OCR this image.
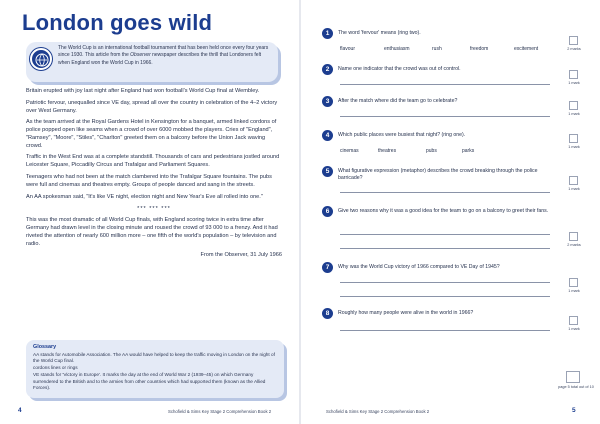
London goes wild
The World Cup is an international football tournament that has been held once every four years since 1930. This article from the Observer newspaper describes the thrill that Londoners felt when England won the World Cup in 1966.

Britain erupted with joy last night after England had won football's World Cup final at Wembley.

Patriotic fervour, unequalled since VE day, spread all over the country in celebration of the 4–2 victory over West Germany.

As the team arrived at the Royal Gardens Hotel in Kensington for a banquet, armed linked cordons of police popped open like seams when a crowd of over 6000 mobbed the players. Cries of "England", "Ramsey", "Moore", "Stiles", "Charlton" greeted them on a balcony before the Union Jack waving crowd.

Traffic in the West End was at a complete standstill. Thousands of cars and pedestrians jostled around Leicester Square, Piccadilly Circus and Trafalgar and Parliament Squares.

Teenagers who had not been at the match clambered into the Trafalgar Square fountains. The pubs were full and cinemas and theatres empty. Groups of people danced and sang in the streets.

An AA spokesman said, "It's like VE night, election night and New Year's Eve all rolled into one."

*** *** ***

This was the most dramatic of all World Cup finals, with England scoring twice in extra time after Germany had drawn level in the closing minute and roused the crowd of 93 000 to a frenzy. And it had riveted the attention of nearly 600 million more – one fifth of the world's population – by television and radio.

From the Observer, 31 July 1966

Glossary
AA stands for Automobile Association. The AA would have helped to keep the traffic moving in London on the night of the World Cup final.
cordons lines or rings
VE stands for 'Victory in Europe'. It marks the day at the end of World War 2 (1939–45) on which Germany surrendered to the British and to the armies from other countries which had supported them (known as the Allied Forces).
4	Schofield & Sims Key Stage 2 Comprehension Book 2
1	The word 'fervour' means (ring two).
flavour	enthusiasm	rush	freedom	excitement
2	Name one indicator that the crowd was out of control.
3	After the match where did the team go to celebrate?
4	Which public places were busiest that night? (ring one).
cinemas	theatres	pubs	parks
5	What figurative expression (metaphor) describes the crowd breaking through the police barricade?
6	Give two reasons why it was a good idea for the team to go on a balcony to greet their fans.
7	Why was the World Cup victory of 1966 compared to VE Day of 1945?
8	Roughly how many people were alive in the world in 1966?
2 marks
1 mark
1 mark
1 mark
1 mark
2 marks
1 mark
1 mark
page 5 total out of 10
Schofield & Sims Key Stage 2 Comprehension Book 2	5
